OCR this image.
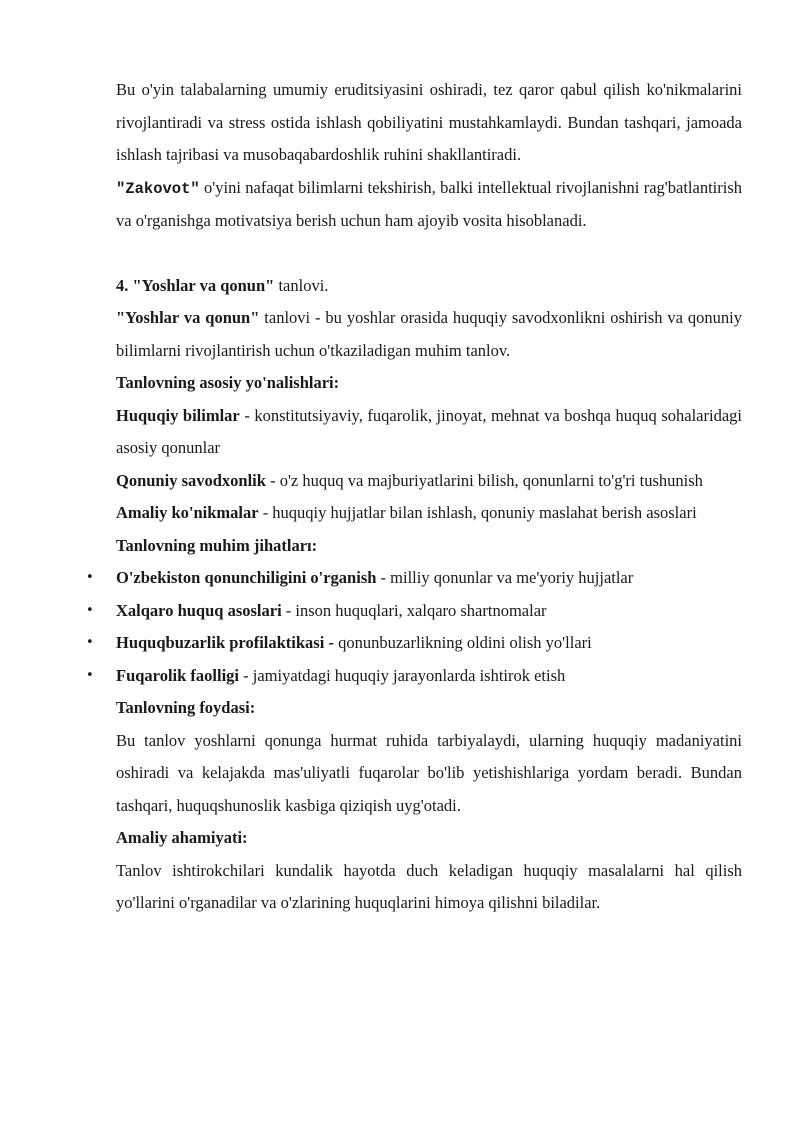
Bu o'yin talabalarning umumiy eruditsiyasini oshiradi, tez qaror qabul qilish ko'nikmalarini rivojlantiradi va stress ostida ishlash qobiliyatini mustahkamlaydi. Bundan tashqari, jamoada ishlash tajribasi va musobaqabardoshlik ruhini shakllantiradi.

"Zakovot" o'yini nafaqat bilimlarni tekshirish, balki intellektual rivojlanishni rag'batlantirish va o'rganishga motivatsiya berish uchun ham ajoyib vosita hisoblanadi.

4. "Yoshlar va qonun" tanlovi.

"Yoshlar va qonun" tanlovi - bu yoshlar orasida huquqiy savodxonlikni oshirish va qonuniy bilimlarni rivojlantirish uchun o'tkaziladigan muhim tanlov.

Tanlovning asosiy yo'nalishlari:

Huquqiy bilimlar - konstitutsiyaviy, fuqarolik, jinoyat, mehnat va boshqa huquq sohalaridagi asosiy qonunlar

Qonuniy savodxonlik - o'z huquq va majburiyatlarini bilish, qonunlarni to'g'ri tushunish

Amaliy ko'nikmalar - huquqiy hujjatlar bilan ishlash, qonuniy maslahat berish asoslari

Tanlovning muhim jihatları:

• O'zbekiston qonunchiligini o'rganish - milliy qonunlar va me'yoriy hujjatlar
• Xalqaro huquq asoslari - inson huquqlari, xalqaro shartnomalar
• Huquqbuzarlik profilaktikasi - qonunbuzarlikning oldini olish yo'llari
• Fuqarolik faolligi - jamiyatdagi huquqiy jarayonlarda ishtirok etish

Tanlovning foydasi:

Bu tanlov yoshlarni qonunga hurmat ruhida tarbiyalaydi, ularning huquqiy madaniyatini oshiradi va kelajakda mas'uliyatli fuqarolar bo'lib yetishishlariga yordam beradi. Bundan tashqari, huquqshunoslik kasbiga qiziqish uyg'otadi.

Amaliy ahamiyati:

Tanlov ishtirokchilari kundalik hayotda duch keladigan huquqiy masalalarni hal qilish yo'llarini o'rganadilar va o'zlarining huquqlarini himoya qilishni biladilar.
